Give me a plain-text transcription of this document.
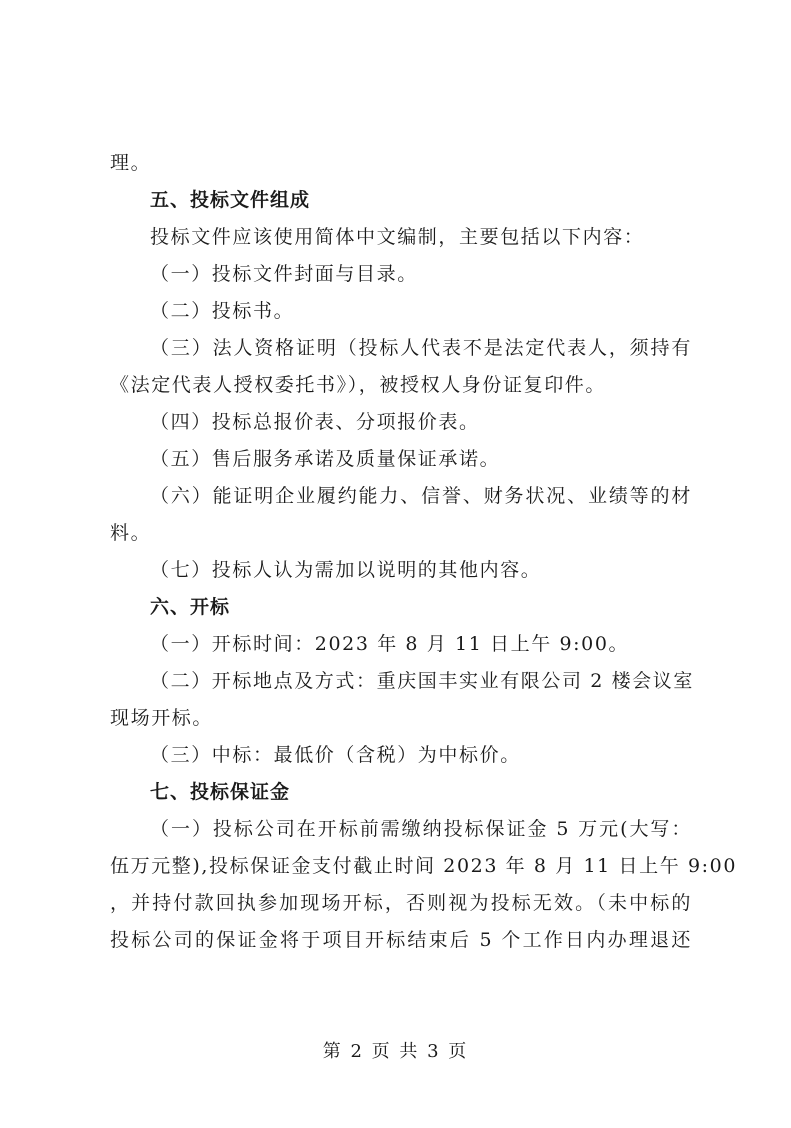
理。
五、投标文件组成
投标文件应该使用简体中文编制，主要包括以下内容：
（一）投标文件封面与目录。
（二）投标书。
（三）法人资格证明（投标人代表不是法定代表人，须持有
《法定代表人授权委托书》），被授权人身份证复印件。
（四）投标总报价表、分项报价表。
（五）售后服务承诺及质量保证承诺。
（六）能证明企业履约能力、信誉、财务状况、业绩等的材
料。
（七）投标人认为需加以说明的其他内容。
六、开标
（一）开标时间：2023 年 8 月 11 日上午 9:00。
（二）开标地点及方式：重庆国丰实业有限公司 2 楼会议室
现场开标。
（三）中标：最低价（含税）为中标价。
七、投标保证金
（一）投标公司在开标前需缴纳投标保证金 5 万元(大写：
伍万元整),投标保证金支付截止时间 2023 年 8 月 11 日上午 9:00
，并持付款回执参加现场开标，否则视为投标无效。（未中标的
投标公司的保证金将于项目开标结束后 5 个工作日内办理退还
第 2 页 共 3 页
